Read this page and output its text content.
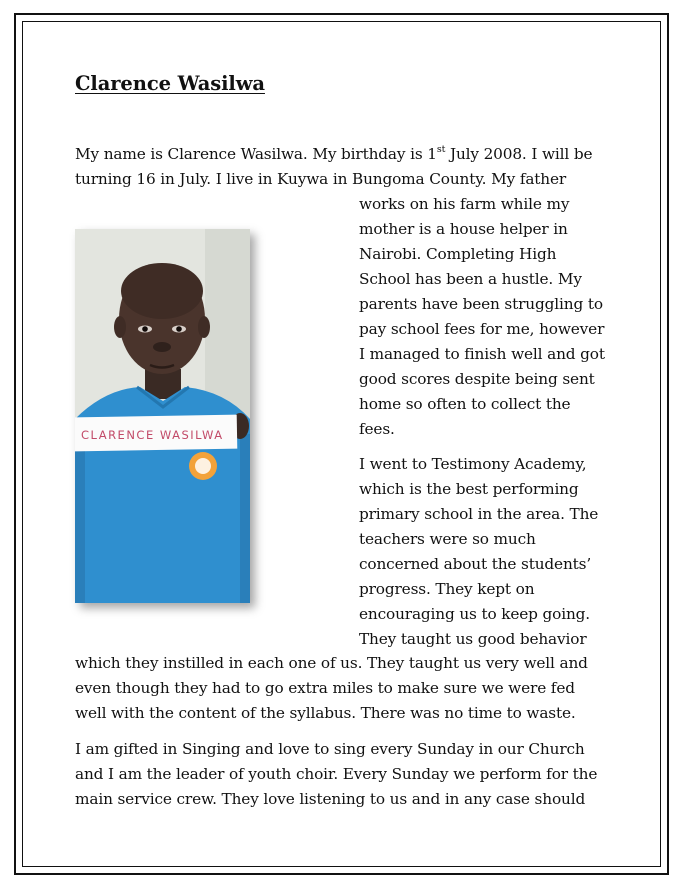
Clarence Wasilwa
My name is Clarence Wasilwa. My birthday is 1st July 2008. I will be
turning 16 in July. I live in Kuywa in Bungoma County. My father
works on his farm while my
mother is a house helper in
Nairobi. Completing High
School has been a hustle. My
parents have been struggling to
pay school fees for me, however
I managed to finish well and got
good scores despite being sent
home so often to collect the
fees.
I went to Testimony Academy,
which is the best performing
primary school in the area. The
teachers were so much
concerned about the students’
progress. They kept on
encouraging us to keep going.
They taught us good behavior
which they instilled in each one of us. They taught us very well and
even though they had to go extra miles to make sure we were fed
well with the content of the syllabus. There was no time to waste.
I am gifted in Singing and love to sing every Sunday in our Church
and I am the leader of youth choir. Every Sunday we perform for the
main service crew. They love listening to us and in any case should
CLARENCE WASILWA
